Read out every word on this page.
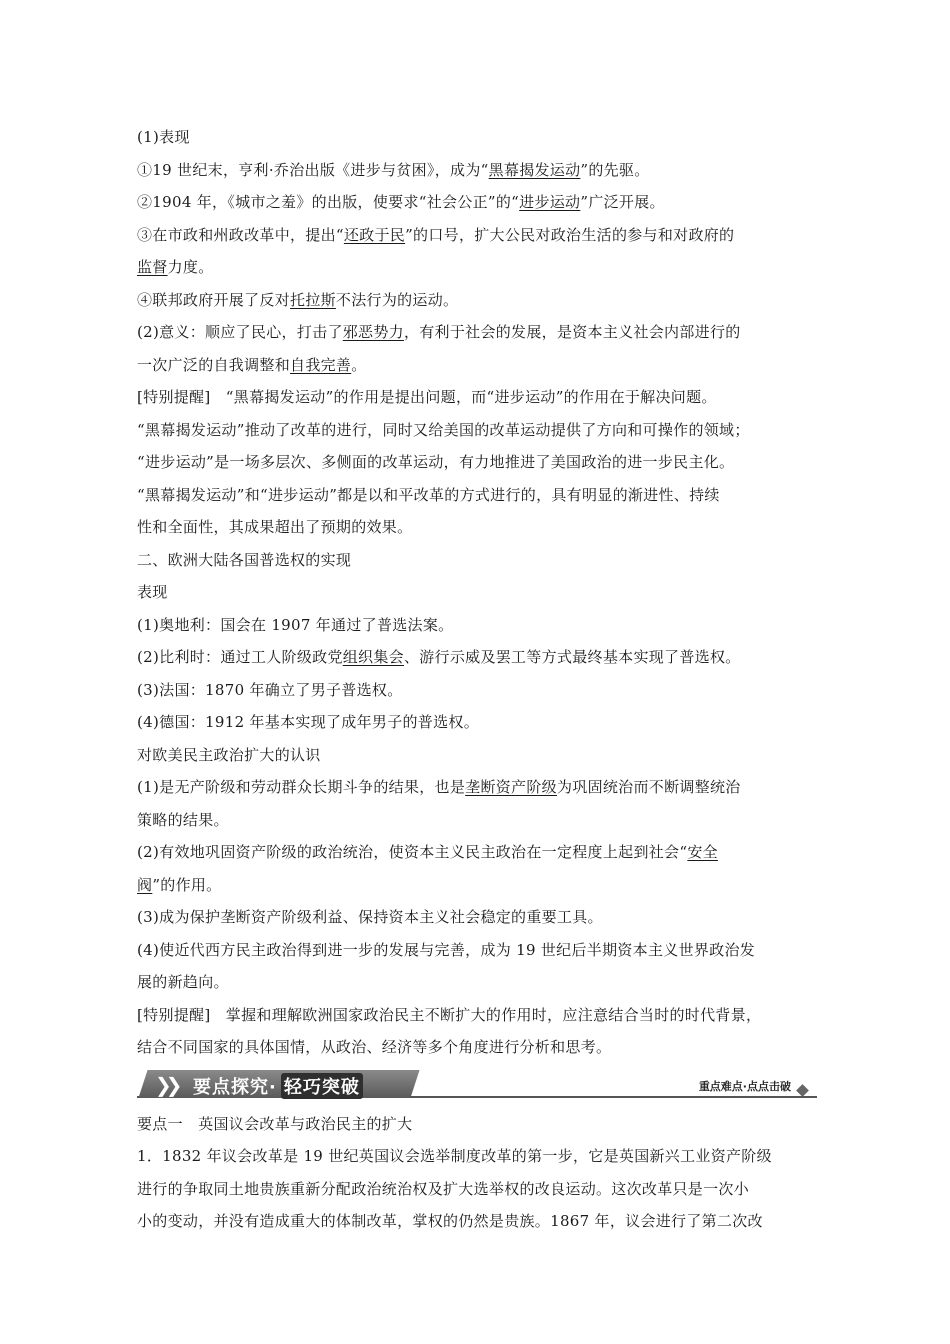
(1)表现
①19 世纪末，亨利·乔治出版《进步与贫困》，成为“黑幕揭发运动”的先驱。
②1904 年，《城市之羞》的出版，使要求“社会公正”的“进步运动”广泛开展。
③在市政和州政改革中，提出“还政于民”的口号，扩大公民对政治生活的参与和对政府的
监督力度。
④联邦政府开展了反对托拉斯不法行为的运动。
(2)意义：顺应了民心，打击了邪恶势力，有利于社会的发展，是资本主义社会内部进行的
一次广泛的自我调整和自我完善。
[特别提醒]　“黑幕揭发运动”的作用是提出问题，而“进步运动”的作用在于解决问题。
“黑幕揭发运动”推动了改革的进行，同时又给美国的改革运动提供了方向和可操作的领域；
“进步运动”是一场多层次、多侧面的改革运动，有力地推进了美国政治的进一步民主化。
“黑幕揭发运动”和“进步运动”都是以和平改革的方式进行的，具有明显的渐进性、持续
性和全面性，其成果超出了预期的效果。
二、欧洲大陆各国普选权的实现
表现
(1)奥地利：国会在 1907 年通过了普选法案。
(2)比利时：通过工人阶级政党组织集会、游行示威及罢工等方式最终基本实现了普选权。
(3)法国：1870 年确立了男子普选权。
(4)德国：1912 年基本实现了成年男子的普选权。
对欧美民主政治扩大的认识
(1)是无产阶级和劳动群众长期斗争的结果，也是垄断资产阶级为巩固统治而不断调整统治
策略的结果。
(2)有效地巩固资产阶级的政治统治，使资本主义民主政治在一定程度上起到社会“安全
阀”的作用。
(3)成为保护垄断资产阶级利益、保持资本主义社会稳定的重要工具。
(4)使近代西方民主政治得到进一步的发展与完善，成为 19 世纪后半期资本主义世界政治发
展的新趋向。
[特别提醒]　掌握和理解欧洲国家政治民主不断扩大的作用时，应注意结合当时的时代背景，
结合不同国家的具体国情，从政治、经济等多个角度进行分析和思考。
❯❯ 要点探究· 轻巧突破	重点难点·点点击破
要点一　英国议会改革与政治民主的扩大
1．1832 年议会改革是 19 世纪英国议会选举制度改革的第一步，它是英国新兴工业资产阶级
进行的争取同土地贵族重新分配政治统治权及扩大选举权的改良运动。这次改革只是一次小
小的变动，并没有造成重大的体制改革，掌权的仍然是贵族。1867 年，议会进行了第二次改
